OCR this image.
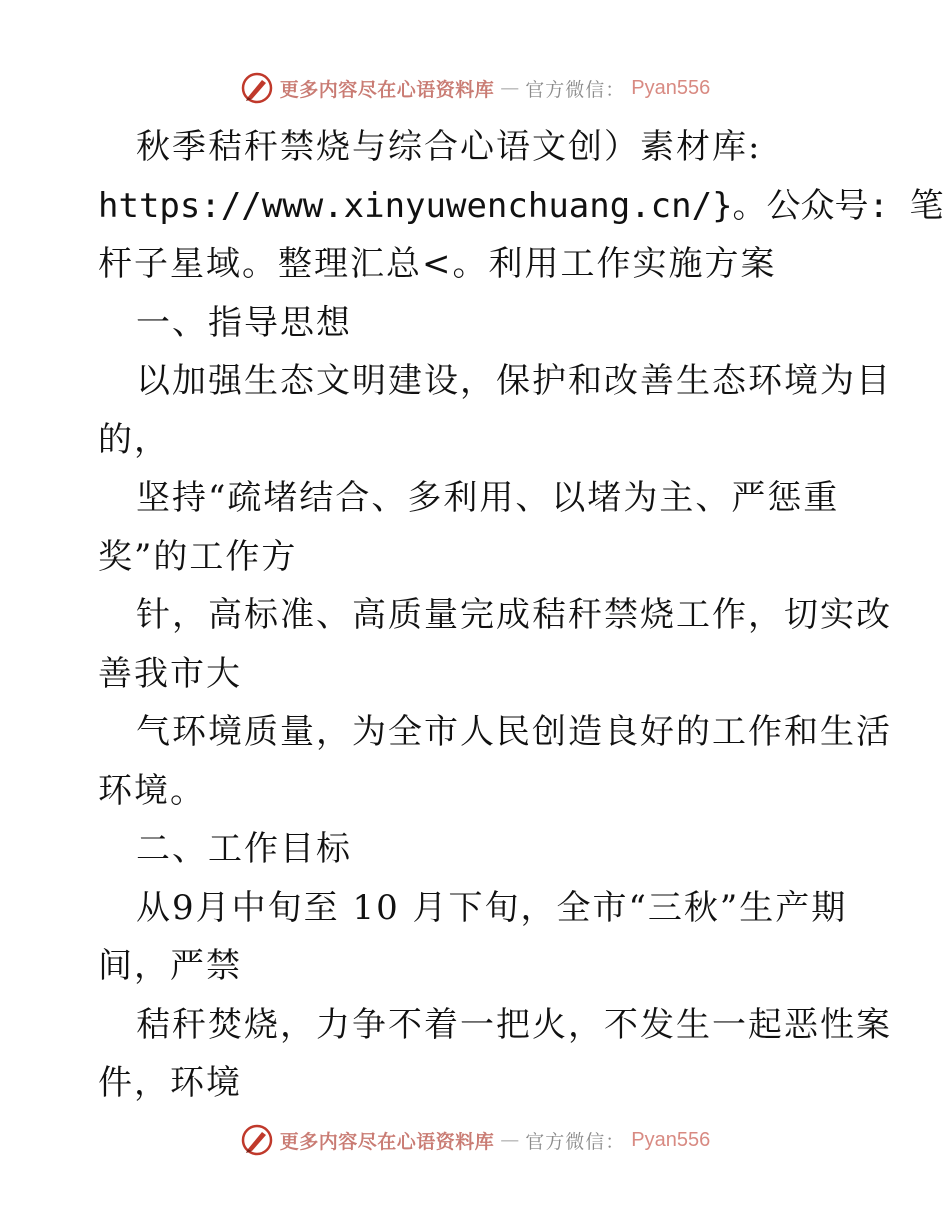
更多内容尽在心语资料库 — 官方微信： Pyan556
秋季秸秆禁烧与综合心语文创）素材库:
https://www.xinyuwenchuang.cn/}。公众号: 笔
杆子星域。整理汇总<。利用工作实施方案
一、指导思想
以加强生态文明建设，保护和改善生态环境为目
的，
坚持“疏堵结合、多利用、以堵为主、严惩重
奖”的工作方
针，高标准、高质量完成秸秆禁烧工作，切实改
善我市大
气环境质量，为全市人民创造良好的工作和生活
环境。
二、工作目标
从9月中旬至 10 月下旬，全市“三秋”生产期
间，严禁
秸秆焚烧，力争不着一把火，不发生一起恶性案
件，环境
更多内容尽在心语资料库 — 官方微信： Pyan556
